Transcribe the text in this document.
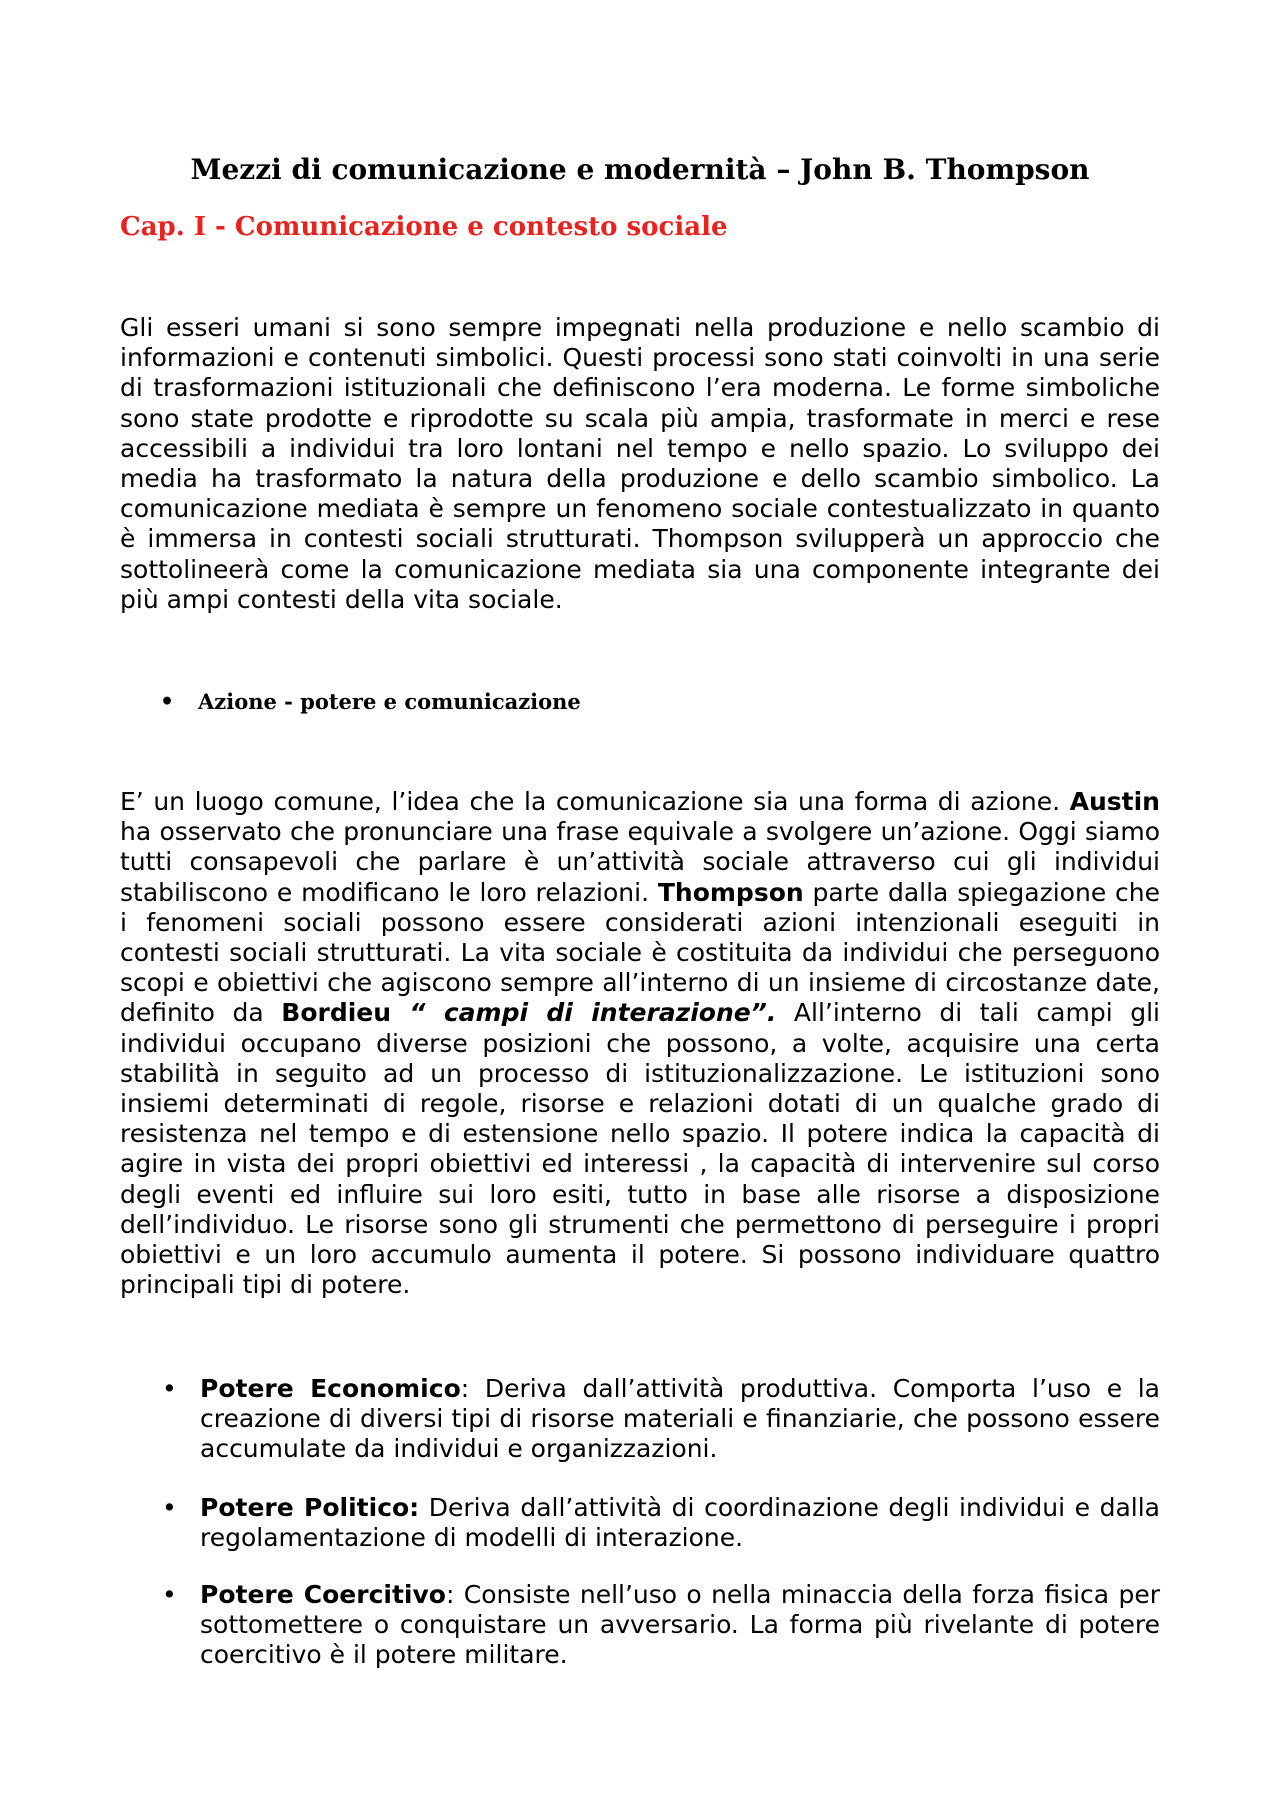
Mezzi di comunicazione e modernità – John B. Thompson
Cap. I - Comunicazione e contesto sociale

Gli esseri umani si sono sempre impegnati nella produzione e nello scambio di informazioni e contenuti simbolici. Questi processi sono stati coinvolti in una serie di trasformazioni istituzionali che definiscono l’era moderna. Le forme simboliche sono state prodotte e riprodotte su scala più ampia, trasformate in merci e rese accessibili a individui tra loro lontani nel tempo e nello spazio. Lo sviluppo dei media ha trasformato la natura della produzione e dello scambio simbolico. La comunicazione mediata è sempre un fenomeno sociale contestualizzato in quanto è immersa in contesti sociali strutturati. Thompson svilupperà un approccio che sottolineerà come la comunicazione mediata sia una componente integrante dei più ampi contesti della vita sociale.

• Azione - potere e comunicazione

E’ un luogo comune, l’idea che la comunicazione sia una forma di azione. Austin ha osservato che pronunciare una frase equivale a svolgere un’azione. Oggi siamo tutti consapevoli che parlare è un’attività sociale attraverso cui gli individui stabiliscono e modificano le loro relazioni. Thompson parte dalla spiegazione che i fenomeni sociali possono essere considerati azioni intenzionali eseguiti in contesti sociali strutturati. La vita sociale è costituita da individui che perseguono scopi e obiettivi che agiscono sempre all’interno di un insieme di circostanze date, definito da Bordieu “ campi di interazione”. All’interno di tali campi gli individui occupano diverse posizioni che possono, a volte, acquisire una certa stabilità in seguito ad un processo di istituzionalizzazione. Le istituzioni sono insiemi determinati di regole, risorse e relazioni dotati di un qualche grado di resistenza nel tempo e di estensione nello spazio. Il potere indica la capacità di agire in vista dei propri obiettivi ed interessi , la capacità di intervenire sul corso degli eventi ed influire sui loro esiti, tutto in base alle risorse a disposizione dell’individuo. Le risorse sono gli strumenti che permettono di perseguire i propri obiettivi e un loro accumulo aumenta il potere. Si possono individuare quattro principali tipi di potere.

• Potere Economico: Deriva dall’attività produttiva. Comporta l’uso e la creazione di diversi tipi di risorse materiali e finanziarie, che possono essere accumulate da individui e organizzazioni.

• Potere Politico: Deriva dall’attività di coordinazione degli individui e dalla regolamentazione di modelli di interazione.

• Potere Coercitivo: Consiste nell’uso o nella minaccia della forza fisica per sottomettere o conquistare un avversario. La forma più rivelante di potere coercitivo è il potere militare.
